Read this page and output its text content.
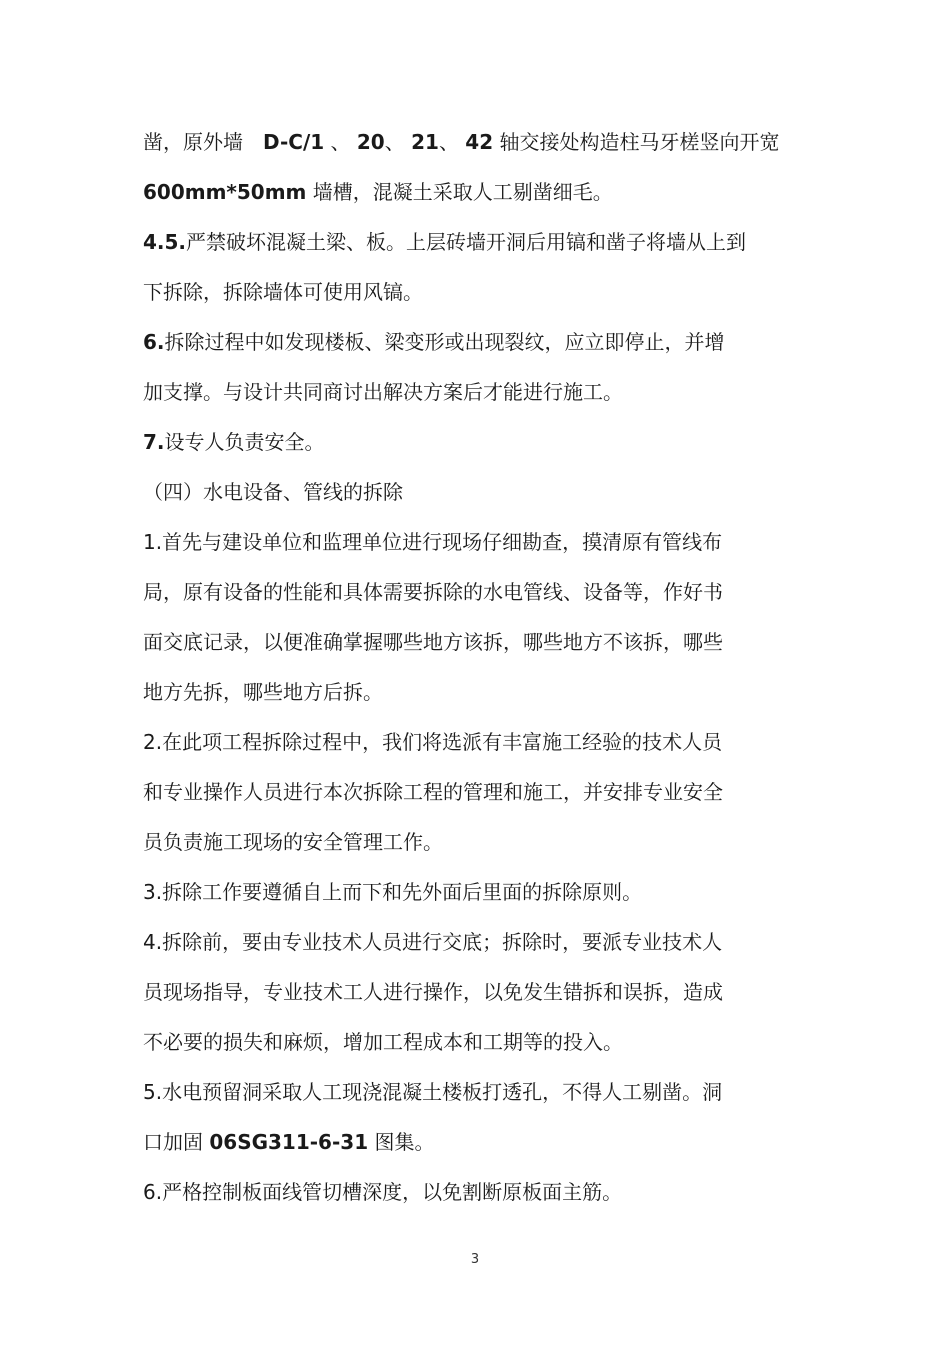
凿，原外墙  D-C/1 、 20、 21、 42 轴交接处构造柱马牙槎竖向开宽
600mm*50mm 墙槽，混凝土采取人工剔凿细毛。
4.5.严禁破坏混凝土梁、板。上层砖墙开洞后用镐和凿子将墙从上到
下拆除，拆除墙体可使用风镐。
6.拆除过程中如发现楼板、梁变形或出现裂纹，应立即停止，并增
加支撑。与设计共同商讨出解决方案后才能进行施工。
7.设专人负责安全。
（四）水电设备、管线的拆除
1.首先与建设单位和监理单位进行现场仔细勘查，摸清原有管线布
局，原有设备的性能和具体需要拆除的水电管线、设备等，作好书
面交底记录，以便准确掌握哪些地方该拆，哪些地方不该拆，哪些
地方先拆，哪些地方后拆。
2.在此项工程拆除过程中，我们将选派有丰富施工经验的技术人员
和专业操作人员进行本次拆除工程的管理和施工，并安排专业安全
员负责施工现场的安全管理工作。
3.拆除工作要遵循自上而下和先外面后里面的拆除原则。
4.拆除前，要由专业技术人员进行交底；拆除时，要派专业技术人
员现场指导，专业技术工人进行操作，以免发生错拆和误拆，造成
不必要的损失和麻烦，增加工程成本和工期等的投入。
5.水电预留洞采取人工现浇混凝土楼板打透孔，不得人工剔凿。洞
口加固 06SG311-6-31 图集。
6.严格控制板面线管切槽深度，以免割断原板面主筋。
3
